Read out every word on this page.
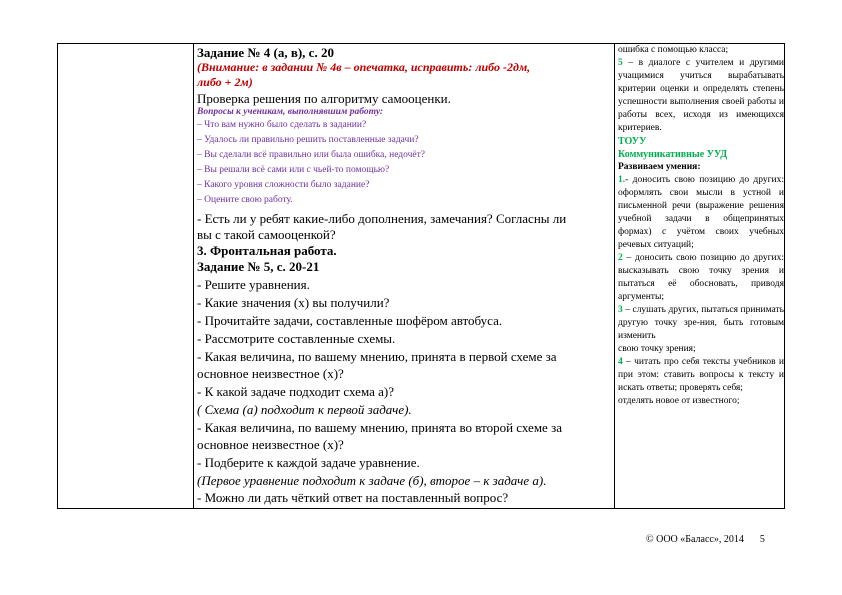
Задание № 4 (а, в), с. 20
(Внимание: в задании № 4в – опечатка, исправить: либо -2дм,
либо + 2м)
Проверка решения по алгоритму самооценки.
Вопросы к ученикам, выполнявшим работу:
– Что вам нужно было сделать в задании?
– Удалось ли правильно решить поставленные задачи?
– Вы сделали всё правильно или была ошибка, недочёт?
– Вы решали всё сами или с чьей-то помощью?
– Какого уровня сложности было задание?
– Оцените свою работу.
- Есть ли у ребят какие-либо дополнения, замечания? Согласны ли
вы с такой самооценкой?
3. Фронтальная работа.
Задание № 5, с. 20-21
- Решите уравнения.
- Какие значения (х) вы получили?
- Прочитайте задачи, составленные шофёром автобуса.
- Рассмотрите составленные схемы.
- Какая величина, по вашему мнению, принята в первой схеме за
основное неизвестное (х)?
- К какой задаче подходит схема а)?
( Схема (а) подходит к первой задаче).
- Какая величина, по вашему мнению, принята во второй схеме за
основное неизвестное (х)?
- Подберите к каждой задаче уравнение.
(Первое уравнение подходит к задаче (б), второе – к задаче а).
- Можно ли дать чёткий ответ на поставленный вопрос?
ошибка с помощью класса;
5 – в диалоге с учителем и другими учащимися учиться вырабатывать критерии оценки и определять степень успешности выполнения своей работы и работы всех, исходя из имеющихся критериев.
ТОУУ
Коммуникативные УУД
Развиваем умения:
1.- доносить свою позицию до других: оформлять свои мысли в устной и письменной речи (выражение решения учебной задачи в общепринятых формах) с учётом своих учебных речевых ситуаций;
2 – доносить свою позицию до других: высказывать свою точку зрения и пытаться её обосновать, приводя аргументы;
3 – слушать других, пытаться принимать другую точку зре-ния, быть готовым изменить
свою точку зрения;
4 – читать про себя тексты учебников и при этом: ставить вопросы к тексту и искать ответы; проверять себя;
отделять новое от известного;
© ООО «Баласс», 2014 5
